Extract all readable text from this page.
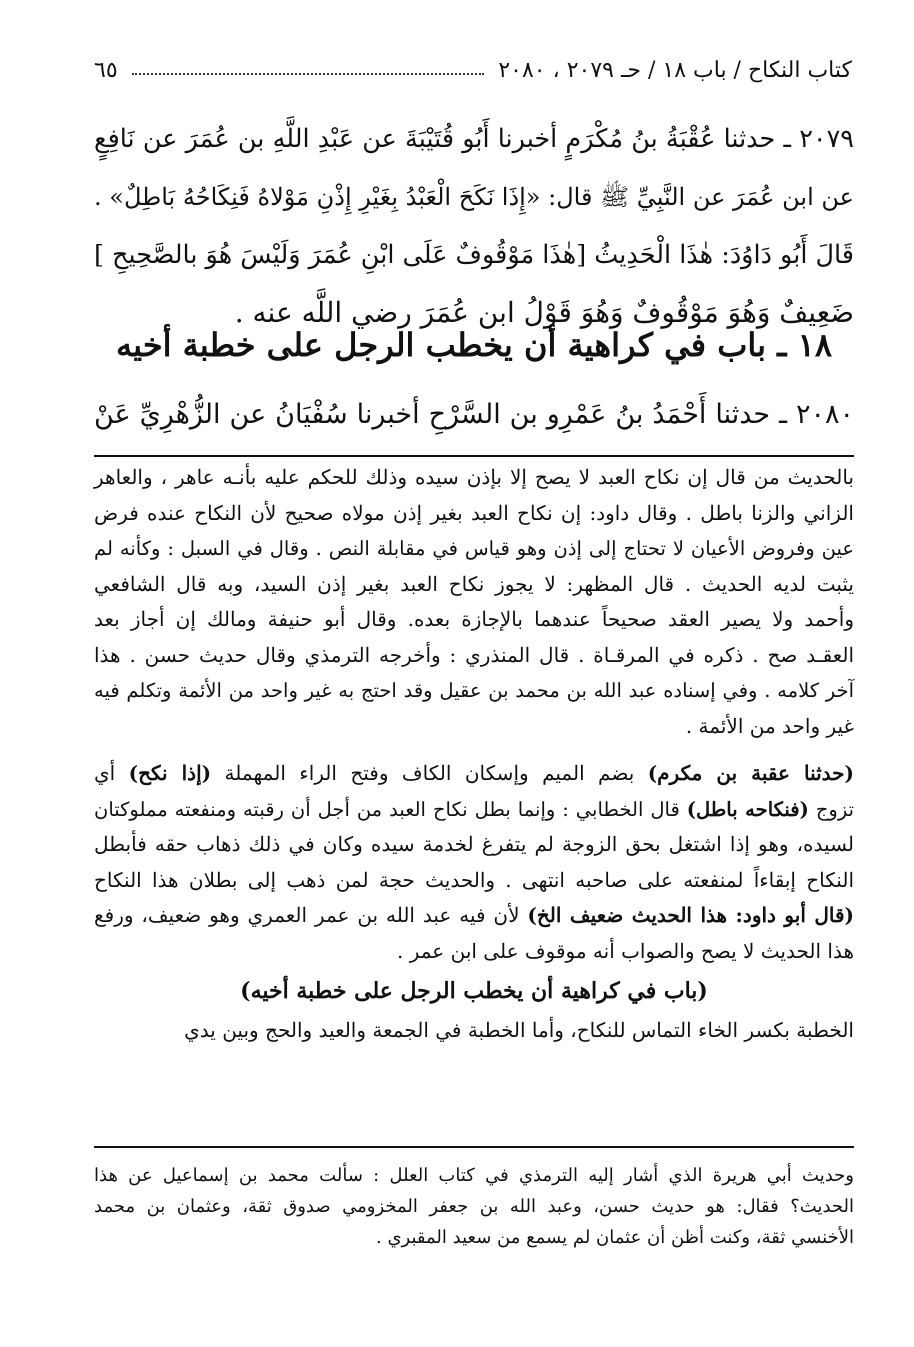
كتاب النكاح / باب ١٨ / حـ ٢٠٧٩ ، ٢٠٨٠
٦٥
٢٠٧٩ ـ حدثنا عُقْبَةُ بنُ مُكْرَمٍ أخبرنا أَبُو قُتَيْبَةَ عن عَبْدِ اللَّهِ بن عُمَرَ عن نَافِعٍ
عن ابن عُمَرَ عن النَّبِيِّ ﷺ قال: «إِذَا نَكَحَ الْعَبْدُ بِغَيْرِ إِذْنِ مَوْلاهُ فَنِكَاحُهُ بَاطِلٌ» .
قَالَ أَبُو دَاوُدَ: هٰذَا الْحَدِيثُ [هٰذَا مَوْقُوفٌ عَلَى ابْنِ عُمَرَ وَلَيْسَ هُوَ بالصَّحِيحِ ]
ضَعِيفٌ وَهُوَ مَوْقُوفٌ وَهُوَ قَوْلُ ابن عُمَرَ رضي اللَّه عنه .
١٨ ـ باب في كراهية أن يخطب الرجل على خطبة أخيه
٢٠٨٠ ـ حدثنا أَحْمَدُ بنُ عَمْرِو بن السَّرْحِ أخبرنا سُفْيَانُ عن الزُّهْرِيِّ عَنْ
بالحديث من قال إن نكاح العبد لا يصح إلا بإذن سيده وذلك للحكم عليه بأنـه عاهر ، والعاهر
الزاني والزنا باطل . وقال داود: إن نكاح العبد بغير إذن مولاه صحيح لأن النكاح عنده فرض
عين وفروض الأعيان لا تحتاج إلى إذن وهو قياس في مقابلة النص . وقال في السبل : وكأنه لم
يثبت لديه الحديث . قال المظهر: لا يجوز نكاح العبد بغير إذن السيد، وبه قال الشافعي
وأحمد ولا يصير العقد صحيحاً عندهما بالإجازة بعده. وقال أبو حنيفة ومالك إن أجاز بعد
العقـد صح . ذكره في المرقـاة . قال المنذري : وأخرجه الترمذي وقال حديث حسن . هذا
آخر كلامه . وفي إسناده عبد الله بن محمد بن عقيل وقد احتج به غير واحد من الأئمة وتكلم فيه
غير واحد من الأئمة .
(حدثنا عقبة بن مكرم) بضم الميم وإسكان الكاف وفتح الراء المهملة (إذا نكح) أي
تزوج (فنكاحه باطل) قال الخطابي : وإنما بطل نكاح العبد من أجل أن رقبته ومنفعته مملوكتان
لسيده، وهو إذا اشتغل بحق الزوجة لم يتفرغ لخدمة سيده وكان في ذلك ذهاب حقه فأبطل
النكاح إبقاءاً لمنفعته على صاحبه انتهى . والحديث حجة لمن ذهب إلى بطلان هذا النكاح
(قال أبو داود: هذا الحديث ضعيف الخ) لأن فيه عبد الله بن عمر العمري وهو ضعيف، ورفع
هذا الحديث لا يصح والصواب أنه موقوف على ابن عمر .
(باب في كراهية أن يخطب الرجل على خطبة أخيه)
الخطبة بكسر الخاء التماس للنكاح، وأما الخطبة في الجمعة والعيد والحج وبين يدي
وحديث أبي هريرة الذي أشار إليه الترمذي في كتاب العلل : سألت محمد بن إسماعيل عن هذا
الحديث؟ فقال: هو حديث حسن، وعبد الله بن جعفر المخزومي صدوق ثقة، وعثمان بن محمد
الأخنسي ثقة، وكنت أظن أن عثمان لم يسمع من سعيد المقبري .
